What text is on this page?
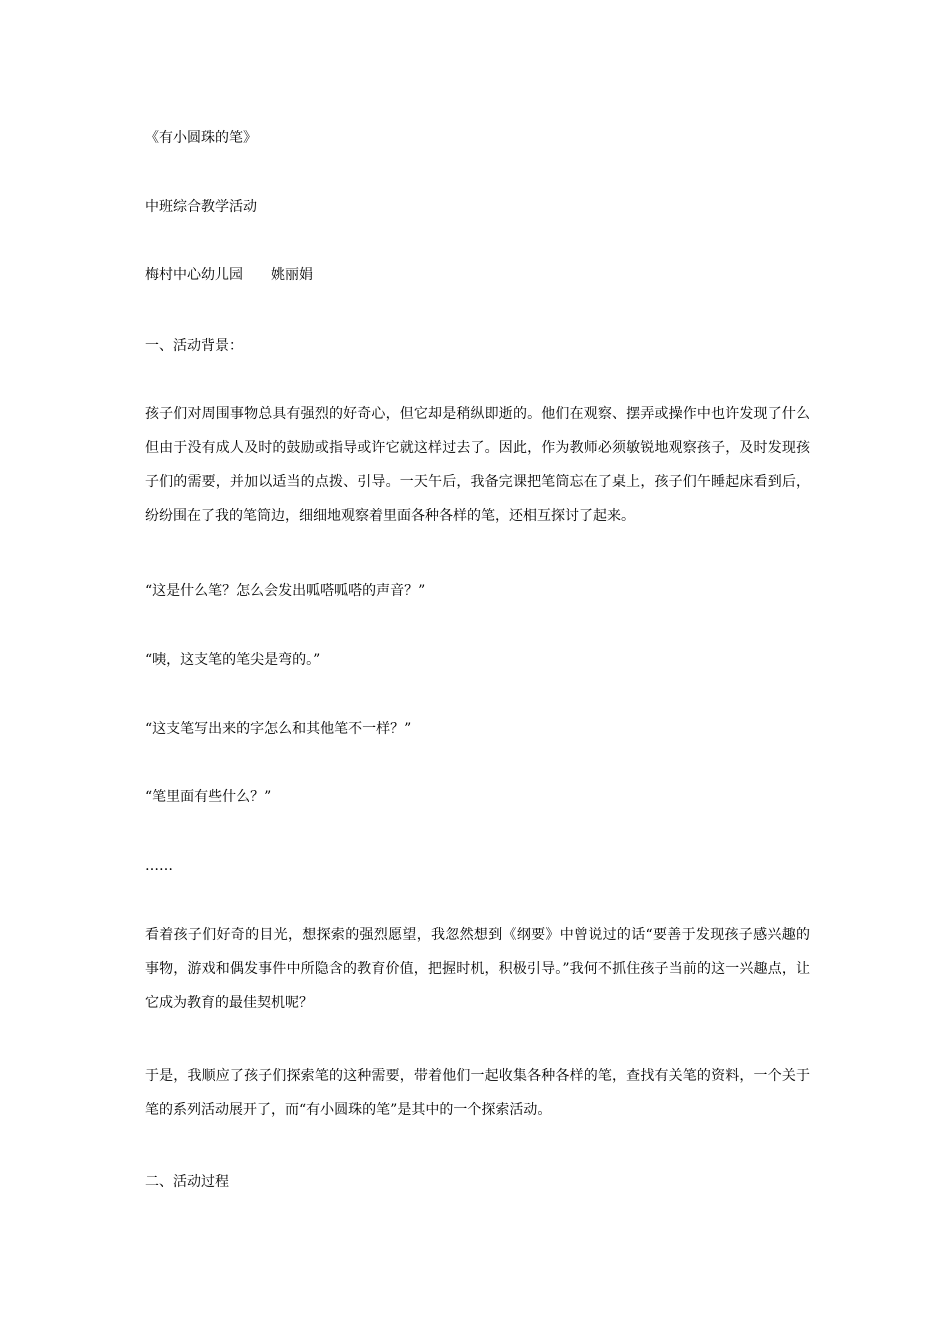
《有小圆珠的笔》
中班综合教学活动
梅村中心幼儿园　　姚丽娟
一、活动背景：
孩子们对周围事物总具有强烈的好奇心，但它却是稍纵即逝的。他们在观察、摆弄或操作中也许发现了什么但由于没有成人及时的鼓励或指导或许它就这样过去了。因此，作为教师必须敏锐地观察孩子，及时发现孩子们的需要，并加以适当的点拨、引导。一天午后，我备完课把笔筒忘在了桌上，孩子们午睡起床看到后，纷纷围在了我的笔筒边，细细地观察着里面各种各样的笔，还相互探讨了起来。
“这是什么笔？怎么会发出呱嗒呱嗒的声音？”
“咦，这支笔的笔尖是弯的。”
“这支笔写出来的字怎么和其他笔不一样？”
“笔里面有些什么？”
……
看着孩子们好奇的目光，想探索的强烈愿望，我忽然想到《纲要》中曾说过的话“要善于发现孩子感兴趣的事物，游戏和偶发事件中所隐含的教育价值，把握时机，积极引导。”我何不抓住孩子当前的这一兴趣点，让它成为教育的最佳契机呢？
于是，我顺应了孩子们探索笔的这种需要，带着他们一起收集各种各样的笔，查找有关笔的资料，一个关于笔的系列活动展开了，而“有小圆珠的笔”是其中的一个探索活动。
二、活动过程
